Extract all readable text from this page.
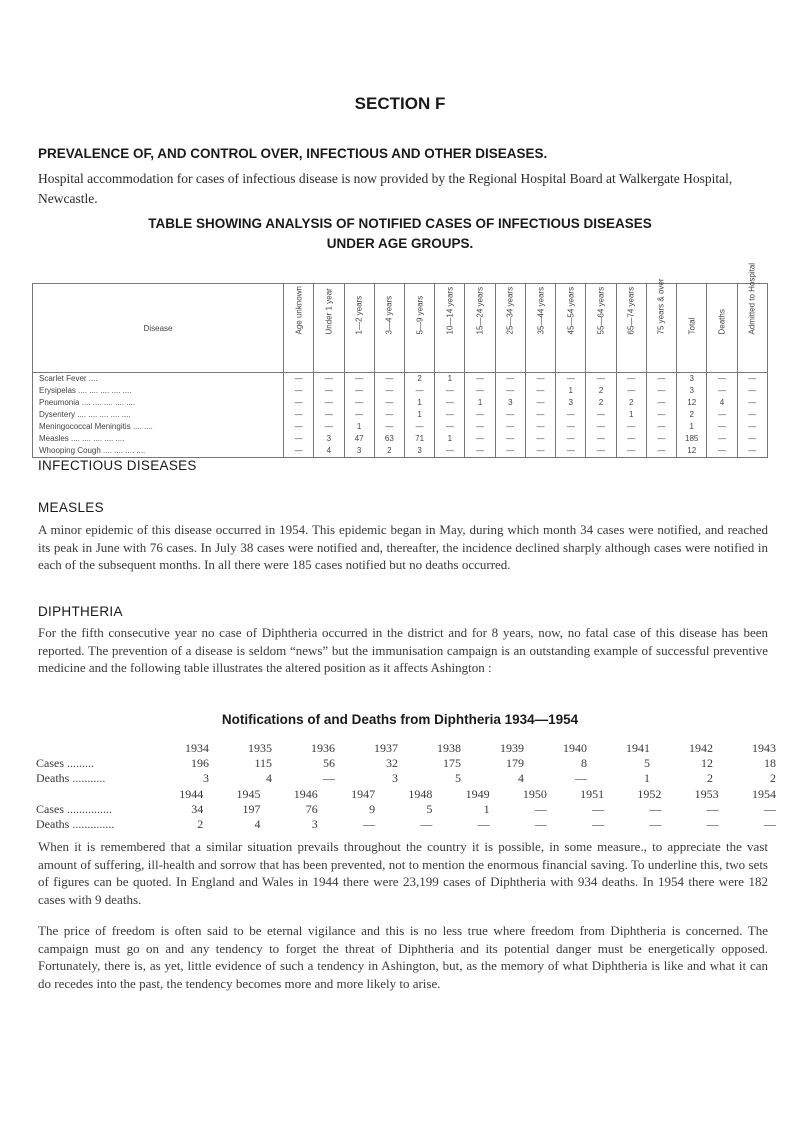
SECTION F
PREVALENCE OF, AND CONTROL OVER, INFECTIOUS AND OTHER DISEASES.
Hospital accommodation for cases of infectious disease is now provided by the Regional Hospital Board at Walkergate Hospital, Newcastle.
TABLE SHOWING ANALYSIS OF NOTIFIED CASES OF INFECTIOUS DISEASES
UNDER AGE GROUPS.
Disease	Age unknown	Under 1 year	1—2 years	3—4 years	5—9 years	10—14 years	15—24 years	25—34 years	35—44 years	45—54 years	55—64 years	65—74 years	75 years & over	Total	Deaths	Admitted to Hospital

Scarlet Fever ....	—	—	—	—	2	1	—	—	—	—	—	—	—	3	—	—
Erysipelas .... .... .... .... ....	—	—	—	—	—	—	—	—	—	1	2	—	—	3	—	—
Pneumonia .... .... .... .... ....	—	—	—	—	1	—	1	3	—	3	2	2	—	12	4	—
Dysentery .... .... .... .... ....	—	—	—	—	1	—	—	—	—	—	—	1	—	2	—	—
Meningococcal Meningitis .... ....	—	—	1	—	—	—	—	—	—	—	—	—	—	1	—	—
Measles .... .... .... .... ....	—	3	47	63	71	1	—	—	—	—	—	—	—	185	—	—
Whooping Cough .... .... .... ....	—	4	3	2	3	—	—	—	—	—	—	—	—	12	—	—
INFECTIOUS DISEASES
MEASLES
A minor epidemic of this disease occurred in 1954. This epidemic began in May, during which month 34 cases were notified, and reached its peak in June with 76 cases. In July 38 cases were notified and, thereafter, the incidence declined sharply although cases were notified in each of the subsequent months. In all there were 185 cases notified but no deaths occurred.
DIPHTHERIA
For the fifth consecutive year no case of Diphtheria occurred in the district and for 8 years, now, no fatal case of this disease has been reported. The prevention of a disease is seldom “news” but the immunisation campaign is an outstanding example of successful preventive medicine and the following table illustrates the altered position as it affects Ashington :
Notifications of and Deaths from Diphtheria 1934—1954
	1934	1935	1936	1937	1938	1939	1940	1941	1942	1943
Cases .........	196	115	56	32	175	179	8	5	12	18
Deaths ...........	3	4	—	3	5	4	—	1	2	2
	1944	1945	1946	1947	1948	1949	1950	1951	1952	1953	1954
Cases ...............	34	197	76	9	5	1	—	—	—	—	—
Deaths ..............	2	4	3	—	—	—	—	—	—	—	—
When it is remembered that a similar situation prevails throughout the country it is possible, in some measure., to appreciate the vast amount of suffering, ill-health and sorrow that has been prevented, not to mention the enormous financial saving. To underline this, two sets of figures can be quoted. In England and Wales in 1944 there were 23,199 cases of Diphtheria with 934 deaths. In 1954 there were 182 cases with 9 deaths.
The price of freedom is often said to be eternal vigilance and this is no less true where freedom from Diphtheria is concerned. The campaign must go on and any tendency to forget the threat of Diphtheria and its potential danger must be energetically opposed. Fortunately, there is, as yet, little evidence of such a tendency in Ashington, but, as the memory of what Diphtheria is like and what it can do recedes into the past, the tendency becomes more and more likely to arise.
